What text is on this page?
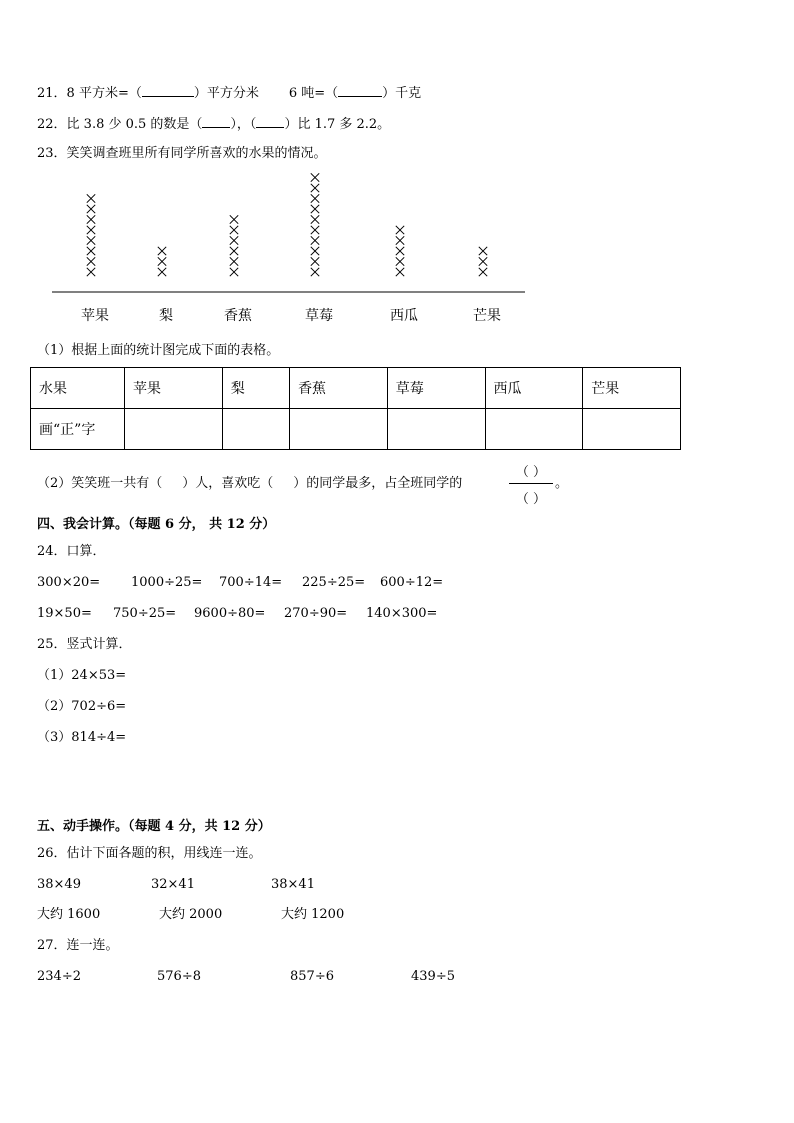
21．8 平方米=（	）平方分米 6 吨=（	）千克
22．比 3.8 少 0.5 的数是（ ），（ ）比 1.7 多 2.2。
23．笑笑调查班里所有同学所喜欢的水果的情况。
苹果	梨	香蕉	草莓	西瓜	芒果
（1）根据上面的统计图完成下面的表格。
水果	苹果	梨	香蕉	草莓	西瓜	芒果
画“正”字						
（2）笑笑班一共有（ ）人，喜欢吃（ ）的同学最多，占全班同学的
（ ）
（ ）
。
四、我会计算。（每题 6 分， 共 12 分）
24．口算．
300×20= 1000÷25= 700÷14= 225÷25= 600÷12=
19×50= 750÷25= 9600÷80= 270÷90= 140×300=
25．竖式计算．
（1）24×53=
（2）702÷6=
（3）814÷4=
五、动手操作。（每题 4 分，共 12 分）
26．估计下面各题的积，用线连一连。
38×49	32×41	38×41
大约 1600	大约 2000	大约 1200
27．连一连。
234÷2	576÷8	857÷6	439÷5
